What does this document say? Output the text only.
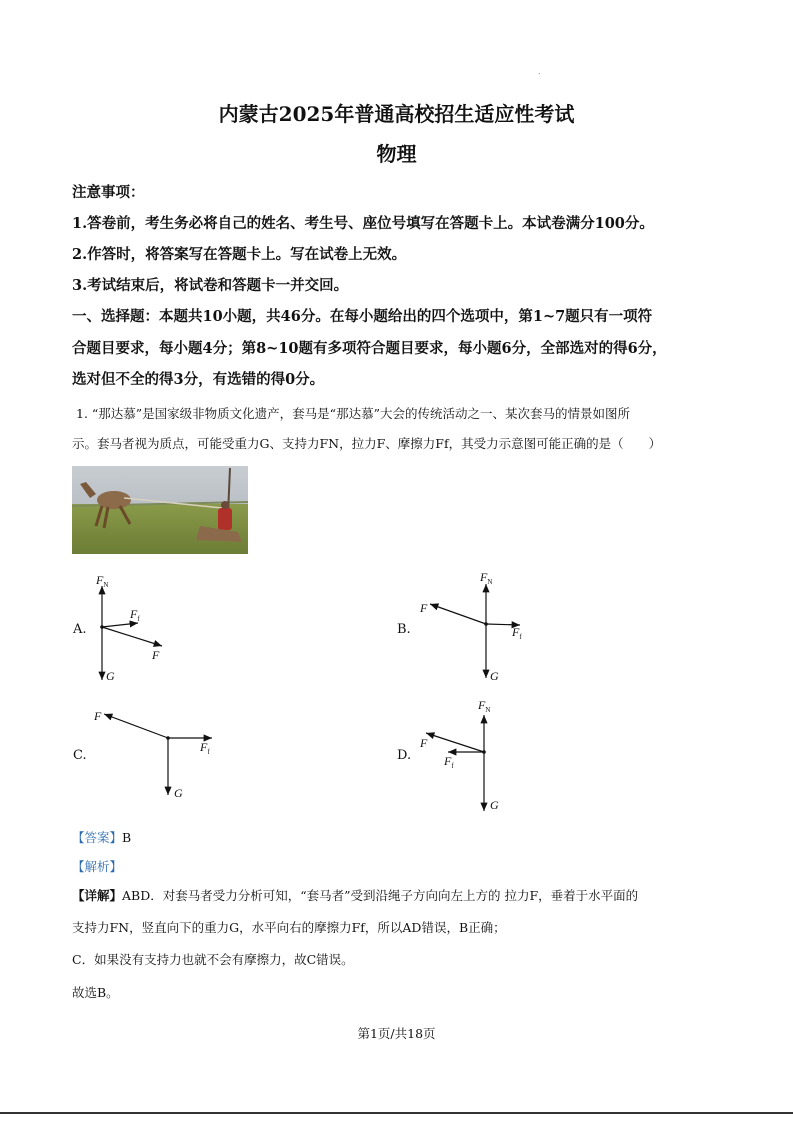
.
内蒙古2025年普通高校招生适应性考试
物理
注意事项：
1.答卷前，考生务必将自己的姓名、考生号、座位号填写在答题卡上。本试卷满分100分。
2.作答时，将答案写在答题卡上。写在试卷上无效。
3.考试结束后，将试卷和答题卡一并交回。
一、选择题：本题共10小题，共46分。在每小题给出的四个选项中，第1~7题只有一项符
合题目要求，每小题4分；第8~10题有多项符合题目要求，每小题6分，全部选对的得6分，
选对但不全的得3分，有选错的得0分。
1. “那达慕”是国家级非物质文化遗产，套马是“那达慕”大会的传统活动之一、某次套马的情景如图所
示。套马者视为质点，可能受重力G、支持力FN，拉力F、摩擦力Ff，其受力示意图可能正确的是（　　）
A.
$F_N$
$F_f$
F
G
B.
$F_N$
F
$F_f$
G
C.
F
$F_f$
G
D.
$F_N$
F
$F_f$
G
【答案】B
【解析】
【详解】ABD．对套马者受力分析可知，“套马者”受到沿绳子方向向左上方的 拉力F，垂着于水平面的
支持力FN，竖直向下的重力G，水平向右的摩擦力Ff，所以AD错误，B正确；
C．如果没有支持力也就不会有摩擦力，故C错误。
故选B。
第1页/共18页
